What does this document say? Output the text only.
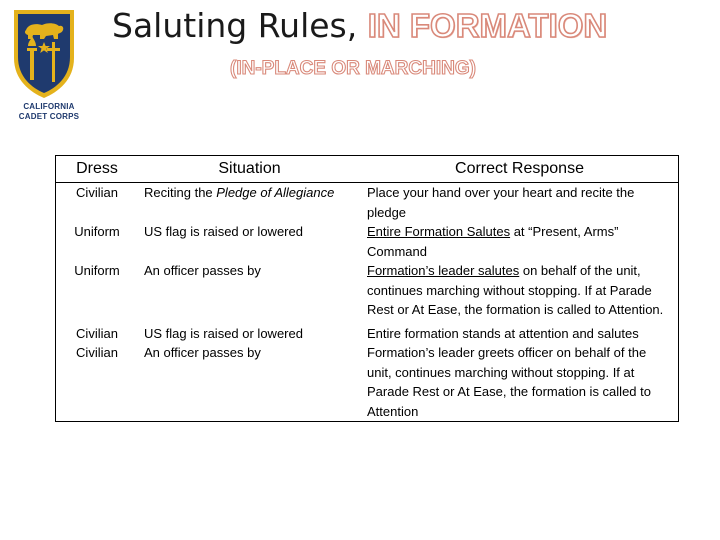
CALIFORNIA
CADET CORPS
Saluting Rules, IN FORMATION
(IN-PLACE OR MARCHING)
Dress	Situation	Correct Response
Civilian	Reciting the Pledge of Allegiance	Place your hand over your heart and recite the pledge
Uniform	US flag is raised or lowered	Entire Formation Salutes at “Present, Arms” Command
Uniform	An officer passes by	Formation’s leader salutes on behalf of the unit, continues marching without stopping. If at Parade Rest or At Ease, the formation is called to Attention.
Civilian	US flag is raised or lowered	Entire formation stands at attention and salutes
Civilian	An officer passes by	Formation’s leader greets officer on behalf of the unit, continues marching without stopping. If at Parade Rest or At Ease, the formation is called to Attention
